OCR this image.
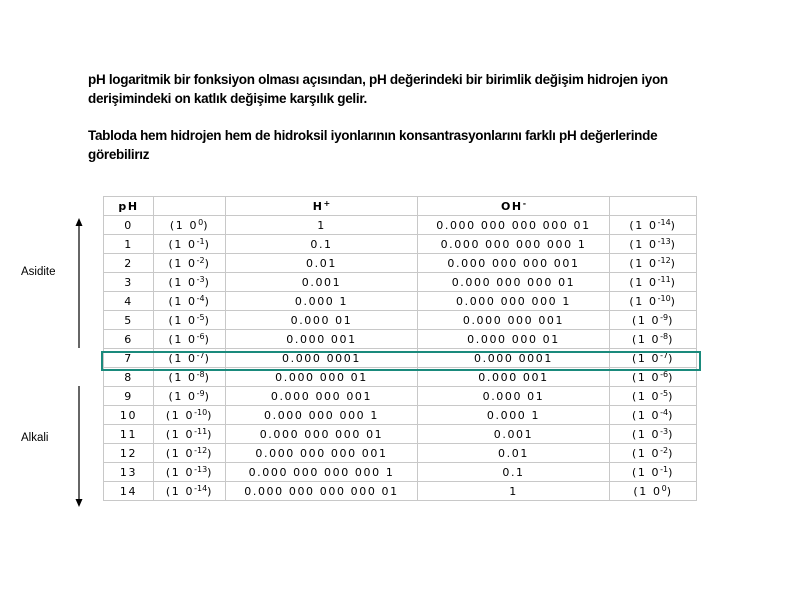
pH logaritmik bir fonksiyon olması açısından, pH değerindeki bir birimlik değişim hidrojen iyon derişimindeki on katlık değişime karşılık gelir.

Tabloda hem hidrojen hem de hidroksil iyonlarının konsantrasyonlarını farklı pH değerlerinde görebilirız

Asidite
Alkali
pH		H+	OH-	
0	(1 $0^0$)	1	0.000 000 000 000 01	(1 $0^{-14}$)
1	(1 $0^{-1}$)	0.1	0.000 000 000 000 1	(1 $0^{-13}$)
2	(1 $0^{-2}$)	0.01	0.000 000 000 001	(1 $0^{-12}$)
3	(1 $0^{-3}$)	0.001	0.000 000 000 01	(1 $0^{-11}$)
4	(1 $0^{-4}$)	0.000 1	0.000 000 000 1	(1 $0^{-10}$)
5	(1 $0^{-5}$)	0.000 01	0.000 000 001	(1 $0^{-9}$)
6	(1 $0^{-6}$)	0.000 001	0.000 000 01	(1 $0^{-8}$)
7	(1 $0^{-7}$)	0.000 0001	0.000 0001	(1 $0^{-7}$)
8	(1 $0^{-8}$)	0.000 000 01	0.000 001	(1 $0^{-6}$)
9	(1 $0^{-9}$)	0.000 000 001	0.000 01	(1 $0^{-5}$)
10	(1 $0^{-10}$)	0.000 000 000 1	0.000 1	(1 $0^{-4}$)
11	(1 $0^{-11}$)	0.000 000 000 01	0.001	(1 $0^{-3}$)
12	(1 $0^{-12}$)	0.000 000 000 001	0.01	(1 $0^{-2}$)
13	(1 $0^{-13}$)	0.000 000 000 000 1	0.1	(1 $0^{-1}$)
14	(1 $0^{-14}$)	0.000 000 000 000 01	1	(1 $0^0$)
